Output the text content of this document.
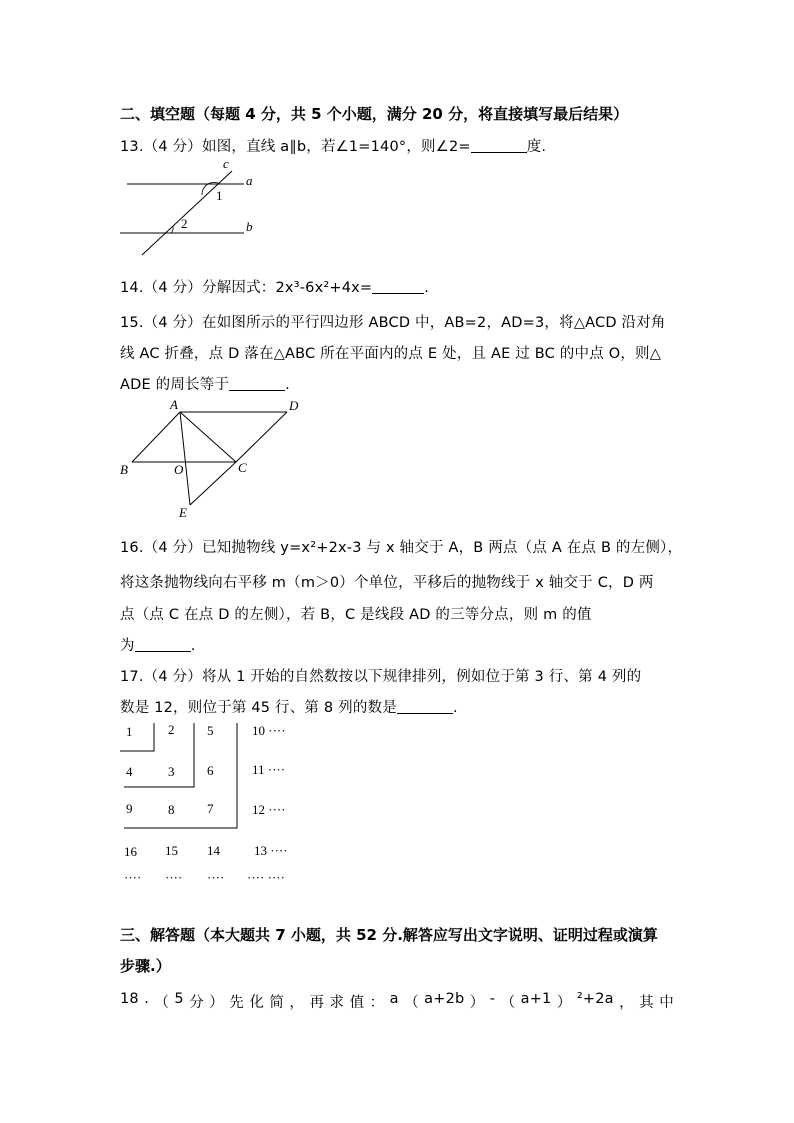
二、填空题（每题 4 分，共 5 个小题，满分 20 分，将直接填写最后结果）
13.（4 分）如图，直线 a∥b，若∠1=140°，则∠2=	度.
a
b
c
1
2
14.（4 分）分解因式：2x³-6x²+4x=	.
15.（4 分）在如图所示的平行四边形 ABCD 中，AB=2，AD=3，将△ACD 沿对角
线 AC 折叠，点 D 落在△ABC 所在平面内的点 E 处，且 AE 过 BC 的中点 O，则△
ADE 的周长等于	.
A	D
B	O	C
E
16.（4 分）已知抛物线 y=x²+2x-3 与 x 轴交于 A，B 两点（点 A 在点 B 的左侧），
将这条抛物线向右平移 m（m＞0）个单位，平移后的抛物线于 x 轴交于 C，D 两
点（点 C 在点 D 的左侧），若 B，C 是线段 AD 的三等分点，则 m 的值
为	.
17.（4 分）将从 1 开始的自然数按以下规律排列，例如位于第 3 行、第 4 列的
数是 12，则位于第 45 行、第 8 列的数是	.
1	2	5	10 ····
4	3	6	11 ····
9	8	7	12 ····
16 15 14	13 ····
···· ···· ···· ···· ····
三、解答题（本大题共 7 小题，共 52 分.解答应写出文字说明、证明过程或演算
步骤.）
18 . （ 5 分 ） 先 化 简 ， 再 求 值 ： a （ a+2b ） - （ a+1 ） ²+2a ， 其 中
